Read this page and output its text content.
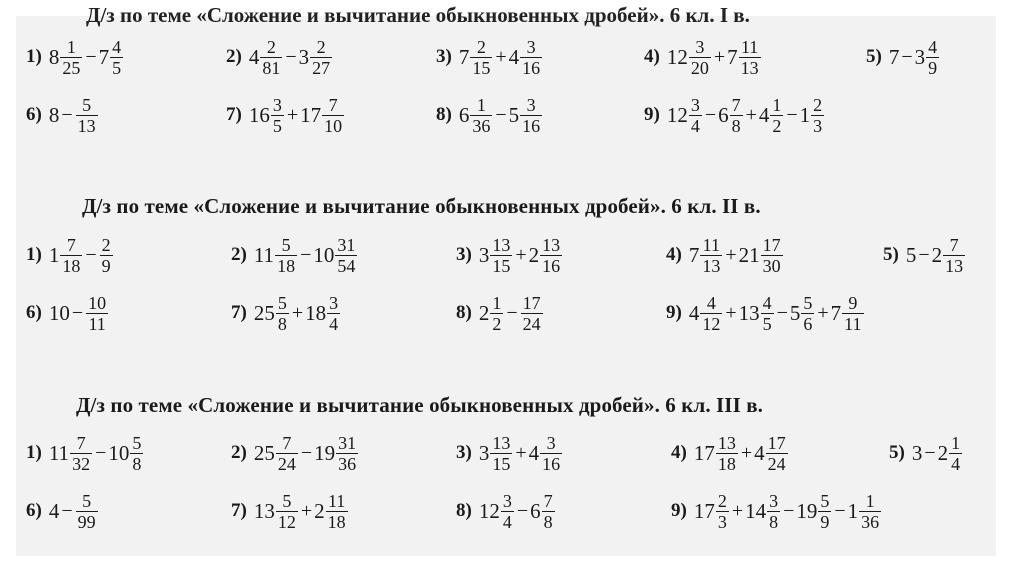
Д/з по теме «Сложение и вычитание обыкновенных дробей». 6 кл. I в.
1) $8 \frac{1}{25} - 7 \frac{4}{5}$	2) $4 \frac{2}{81} - 3 \frac{2}{27}$	3) $7 \frac{2}{15} + 4 \frac{3}{16}$	4) $12 \frac{3}{20} + 7 \frac{11}{13}$	5) $7 - 3 \frac{4}{9}$
6) $8 - \frac{5}{13}$	7) $16 \frac{3}{5} + 17 \frac{7}{10}$	8) $6 \frac{1}{36} - 5 \frac{3}{16}$	9) $12 \frac{3}{4} - 6 \frac{7}{8} + 4 \frac{1}{2} - 1 \frac{2}{3}$
Д/з по теме «Сложение и вычитание обыкновенных дробей». 6 кл. II в.
1) $1 \frac{7}{18} - \frac{2}{9}$	2) $11 \frac{5}{18} - 10 \frac{31}{54}$	3) $3 \frac{13}{15} + 2 \frac{13}{16}$	4) $7 \frac{11}{13} + 21 \frac{17}{30}$	5) $5 - 2 \frac{7}{13}$
6) $10 - \frac{10}{11}$	7) $25 \frac{5}{8} + 18 \frac{3}{4}$	8) $2 \frac{1}{2} - \frac{17}{24}$	9) $4 \frac{4}{12} + 13 \frac{4}{5} - 5 \frac{5}{6} + 7 \frac{9}{11}$
Д/з по теме «Сложение и вычитание обыкновенных дробей». 6 кл. III в.
1) $11 \frac{7}{32} - 10 \frac{5}{8}$	2) $25 \frac{7}{24} - 19 \frac{31}{36}$	3) $3 \frac{13}{15} + 4 \frac{3}{16}$	4) $17 \frac{13}{18} + 4 \frac{17}{24}$	5) $3 - 2 \frac{1}{4}$
6) $4 - \frac{5}{99}$	7) $13 \frac{5}{12} + 2 \frac{11}{18}$	8) $12 \frac{3}{4} - 6 \frac{7}{8}$	9) $17 \frac{2}{3} + 14 \frac{3}{8} - 19 \frac{5}{9} - 1 \frac{1}{36}$
